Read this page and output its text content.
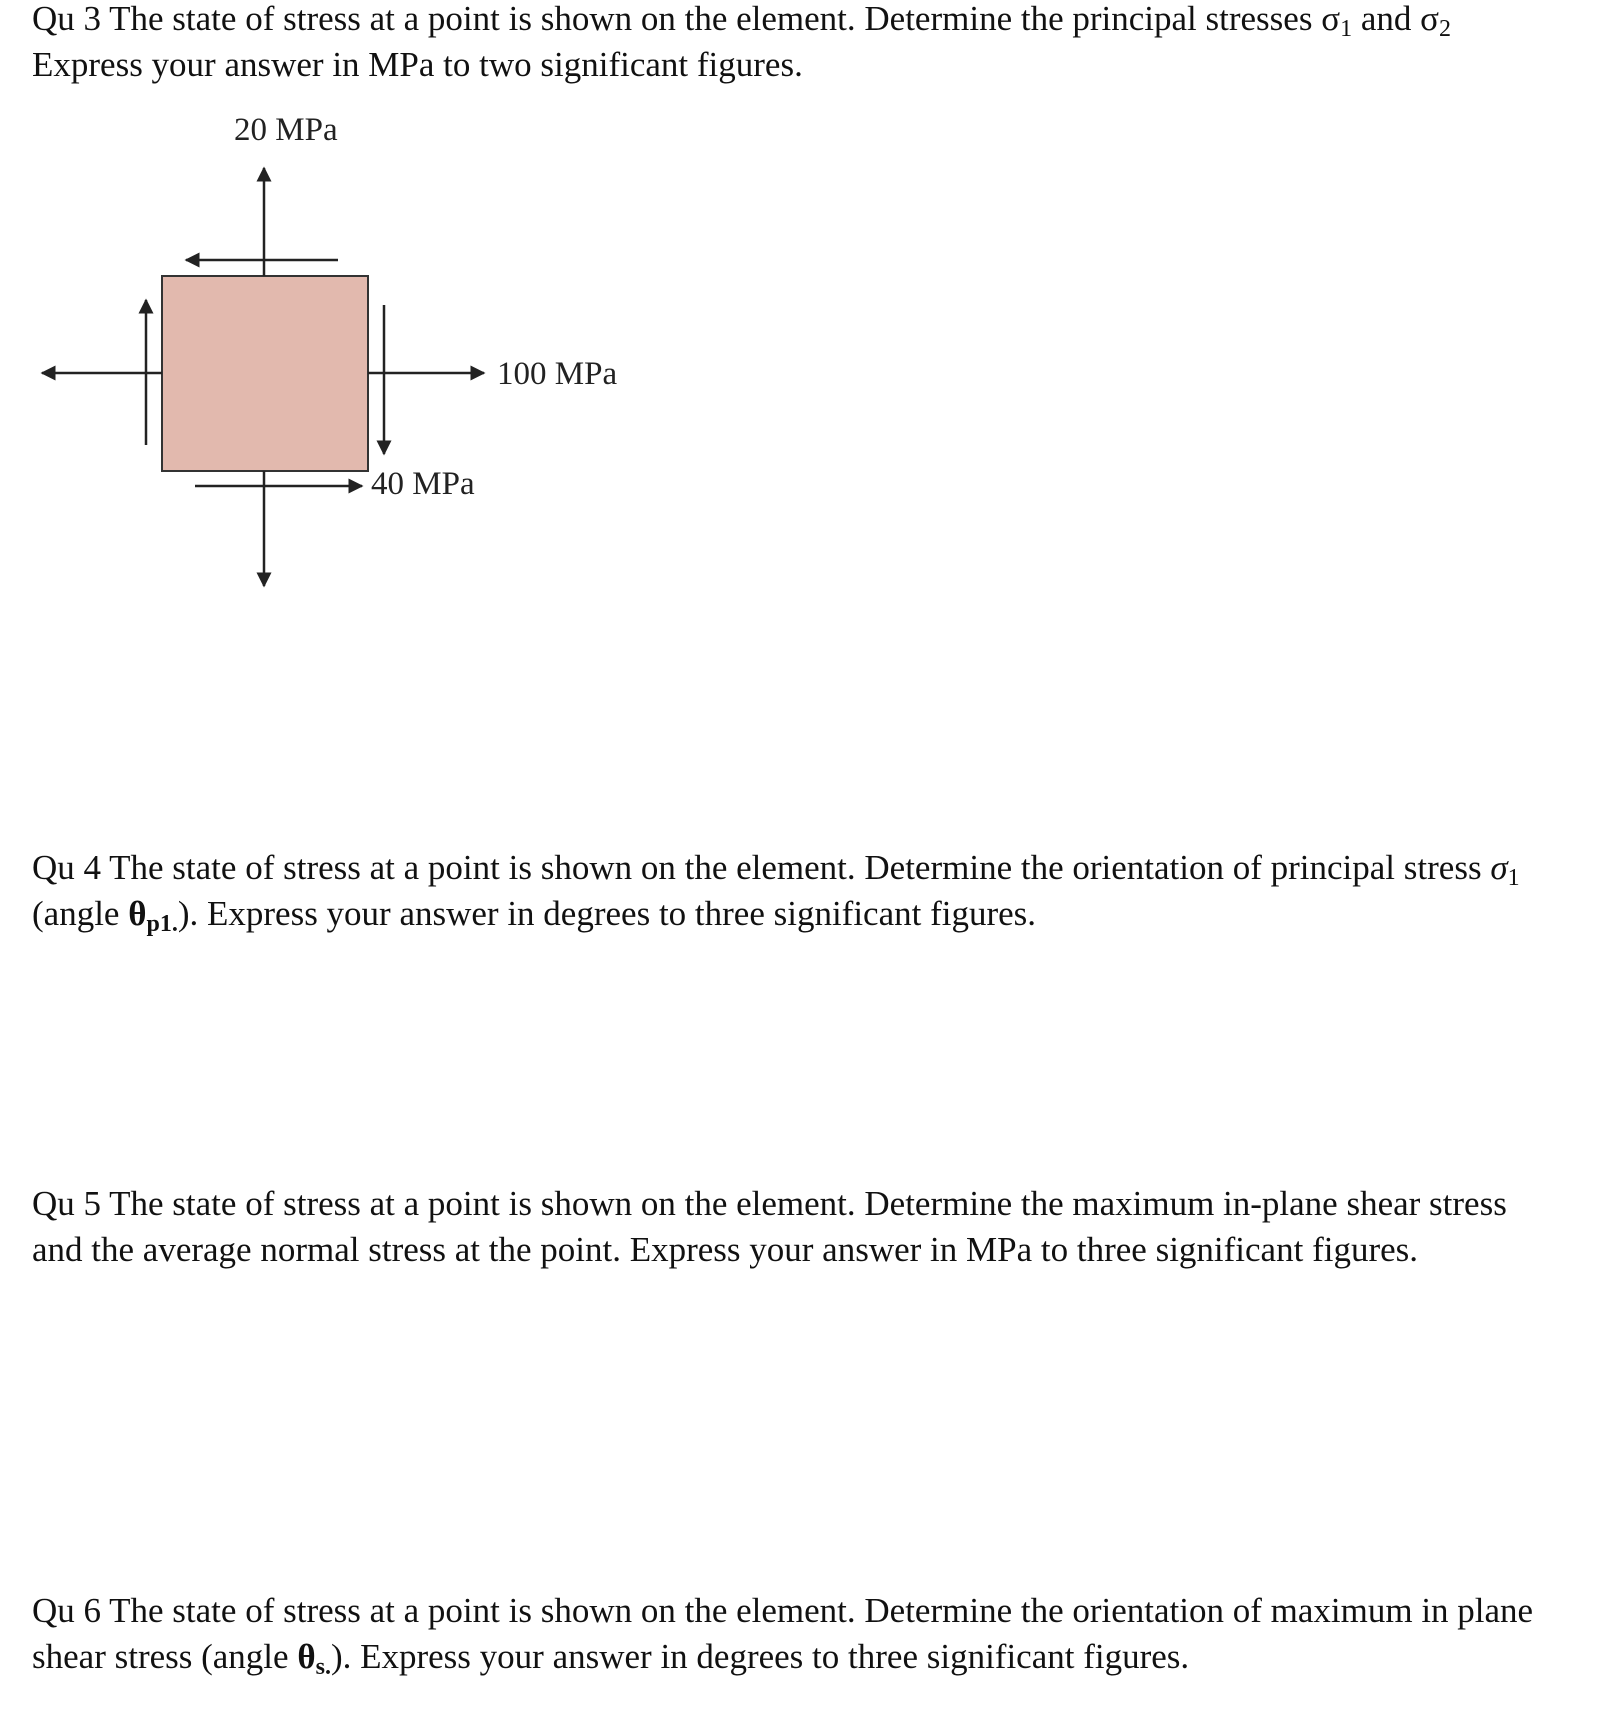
Qu 3 The state of stress at a point is shown on the element. Determine the principal stresses $\sigma_1$ and $\sigma_2$
Express your answer in MPa to two significant figures.
20 MPa
100 MPa
40 MPa
Qu 4 The state of stress at a point is shown on the element. Determine the orientation of principal stress $\sigma_1$
(angle $\theta_{p1.}$). Express your answer in degrees to three significant figures.
Qu 5 The state of stress at a point is shown on the element. Determine the maximum in-plane shear stress
and the average normal stress at the point. Express your answer in MPa to three significant figures.
Qu 6 The state of stress at a point is shown on the element. Determine the orientation of maximum in plane
shear stress (angle $\theta_{s.}$). Express your answer in degrees to three significant figures.
